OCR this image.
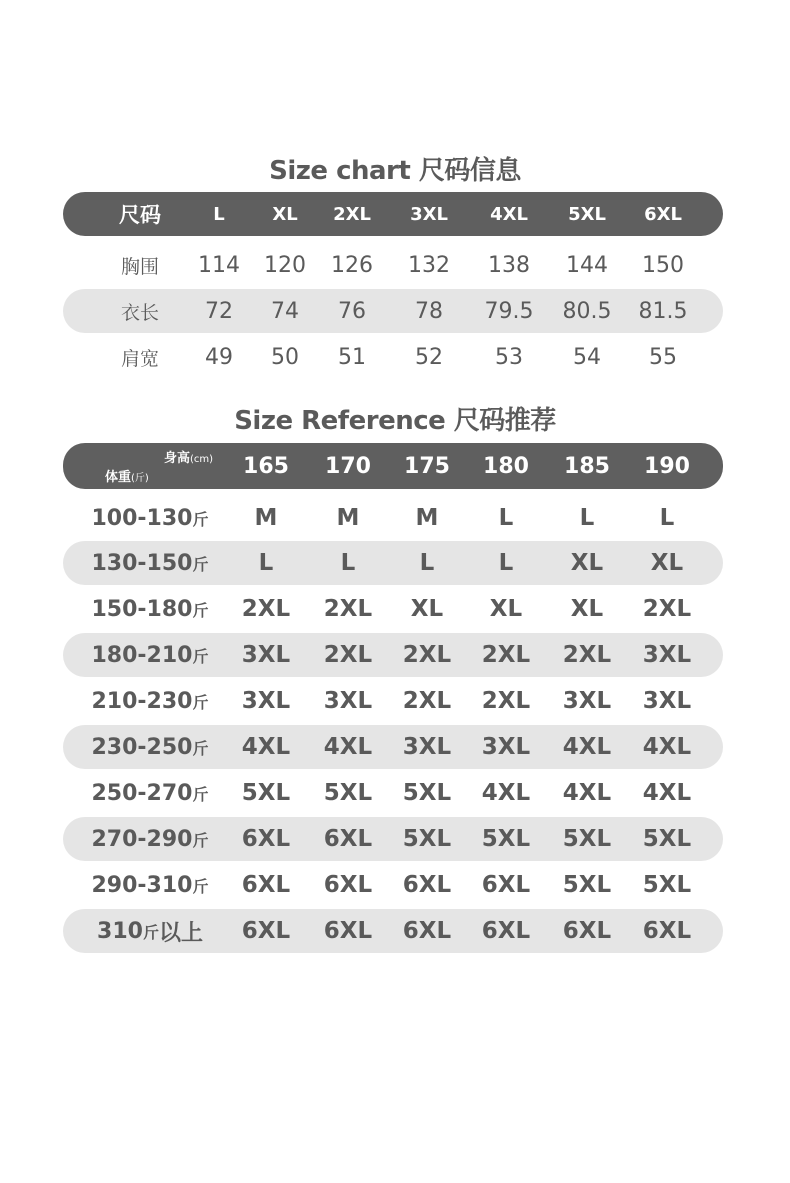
Size chart 尺码信息
尺码	L	XL 2XL 3XL 4XL 5XL 6XL
胸围 114 120 126 132 138 144 150
衣长 72 74 76 78 79.5 80.5 81.5
肩宽 49 50 51 52 53 54 55
Size Reference 尺码推荐
身高(cm)
体重(斤)	165 170 175 180 185 190
100-130 斤 M	M M	L	L	L
130-150 斤 L	L	L	L XL XL
150-180 斤 2XL 2XL XL XL XL 2XL
180-210 斤 3XL 2XL 2XL 2XL 2XL 3XL
210-230 斤 3XL 3XL 2XL 2XL 3XL 3XL
230-250 斤 4XL 4XL 3XL 3XL 4XL 4XL
250-270 斤 5XL 5XL 5XL 4XL 4XL 4XL
270-290 斤 6XL 6XL 5XL 5XL 5XL 5XL
290-310 斤 6XL 6XL 6XL 6XL 5XL 5XL
310 斤 以上 6XL 6XL 6XL 6XL 6XL 6XL
